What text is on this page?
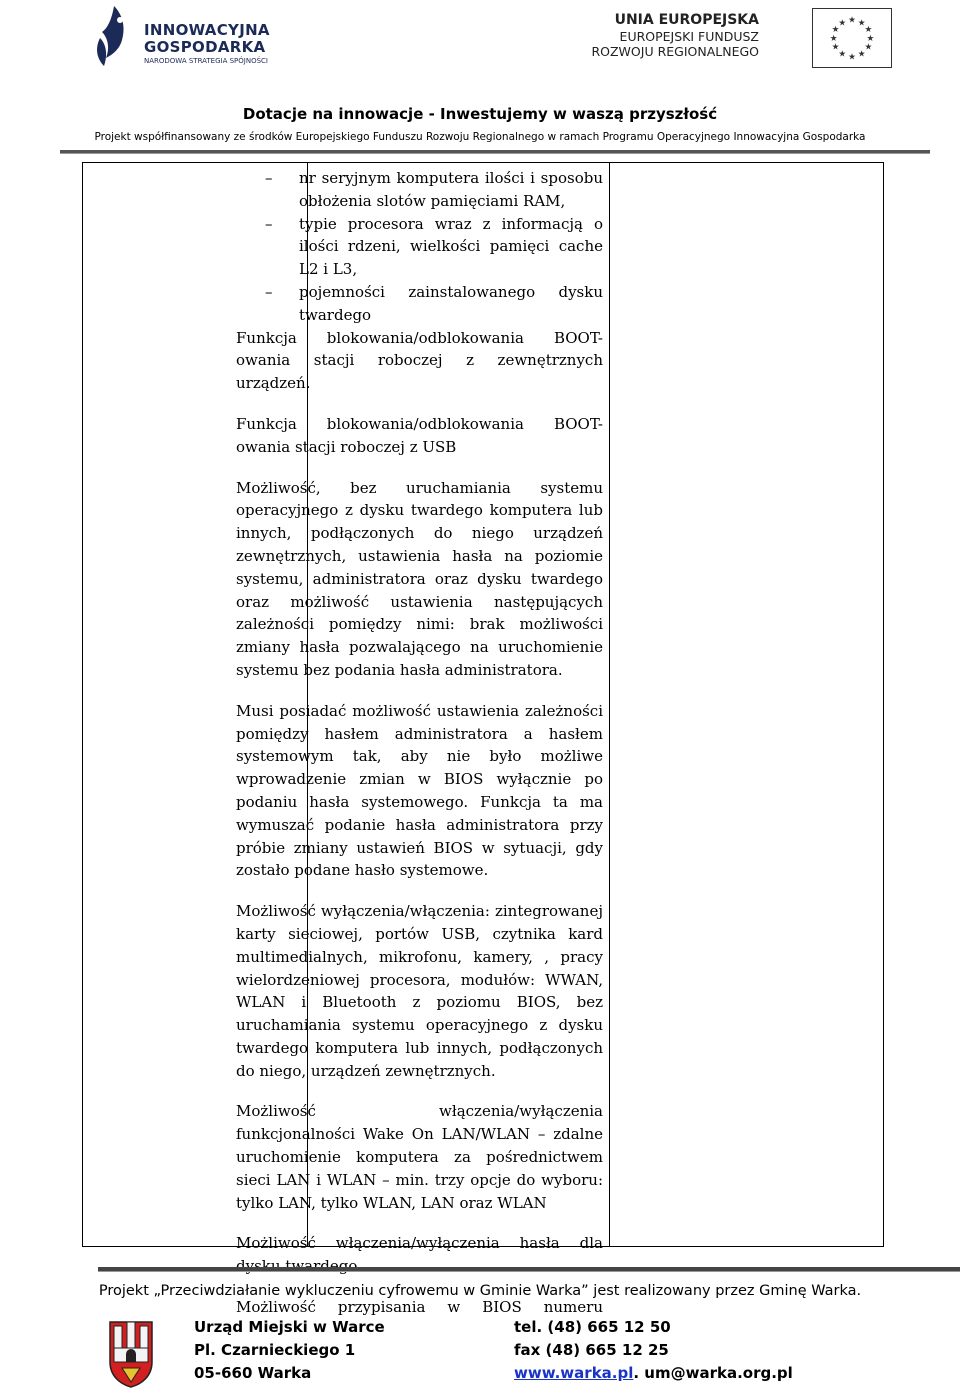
INNOWACYJNA
GOSPODARKA
NARODOWA STRATEGIA SPÓJNOŚCI
UNIA EUROPEJSKA
EUROPEJSKI FUNDUSZ
ROZWOJU REGIONALNEGO
★ ★
★
★
★
★
★
★
★
★
★
★
Dotacje na innowacje - Inwestujemy w waszą przyszłość
Projekt współfinansowany ze środków Europejskiego Funduszu Rozwoju Regionalnego w ramach Programu Operacyjnego Innowacyjna Gospodarka
–
nr seryjnym komputera ilości i sposobu obłożenia slotów pamięciami RAM,
–
typie procesora wraz z informacją o ilości rdzeni, wielkości pamięci cache L2 i L3,
–
pojemności zainstalowanego dysku twardego

Funkcja blokowania/odblokowania BOOT-owania stacji roboczej z zewnętrznych urządzeń.

Funkcja blokowania/odblokowania BOOT-owania stacji roboczej z USB

Możliwość, bez uruchamiania systemu operacyjnego z dysku twardego komputera lub innych, podłączonych do niego urządzeń zewnętrznych, ustawienia hasła na poziomie systemu, administratora oraz dysku twardego oraz możliwość ustawienia następujących zależności pomiędzy nimi: brak możliwości zmiany hasła pozwalającego na uruchomienie systemu bez podania hasła administratora.

Musi posiadać możliwość ustawienia zależności pomiędzy hasłem administratora a hasłem systemowym tak, aby nie było możliwe wprowadzenie zmian w BIOS wyłącznie po podaniu hasła systemowego. Funkcja ta ma wymuszać podanie hasła administratora przy próbie zmiany ustawień BIOS w sytuacji, gdy zostało podane hasło systemowe.

Możliwość wyłączenia/włączenia: zintegrowanej karty sieciowej, portów USB, czytnika kard multimedialnych, mikrofonu, kamery, , pracy wielordzeniowej procesora, modułów: WWAN, WLAN i Bluetooth z poziomu BIOS, bez uruchamiania systemu operacyjnego z dysku twardego komputera lub innych, podłączonych do niego, urządzeń zewnętrznych.

Możliwość włączenia/wyłączenia funkcjonalności Wake On LAN/WLAN – zdalne uruchomienie komputera za pośrednictwem sieci LAN i WLAN – min. trzy opcje do wyboru: tylko LAN, tylko WLAN, LAN oraz WLAN

Możliwość włączenia/wyłączenia hasła dla

Możliwość przypisania w BIOS numeru

Projekt „Przeciwdziałanie wykluczeniu cyfrowemu w Gminie Warka” jest realizowany przez Gminę Warka.
Urząd Miejski w Warce
Pl. Czarnieckiego 1
05-660 Warka
tel. (48) 665 12 50
fax (48) 665 12 25
www.warka.pl. um@warka.org.pl
